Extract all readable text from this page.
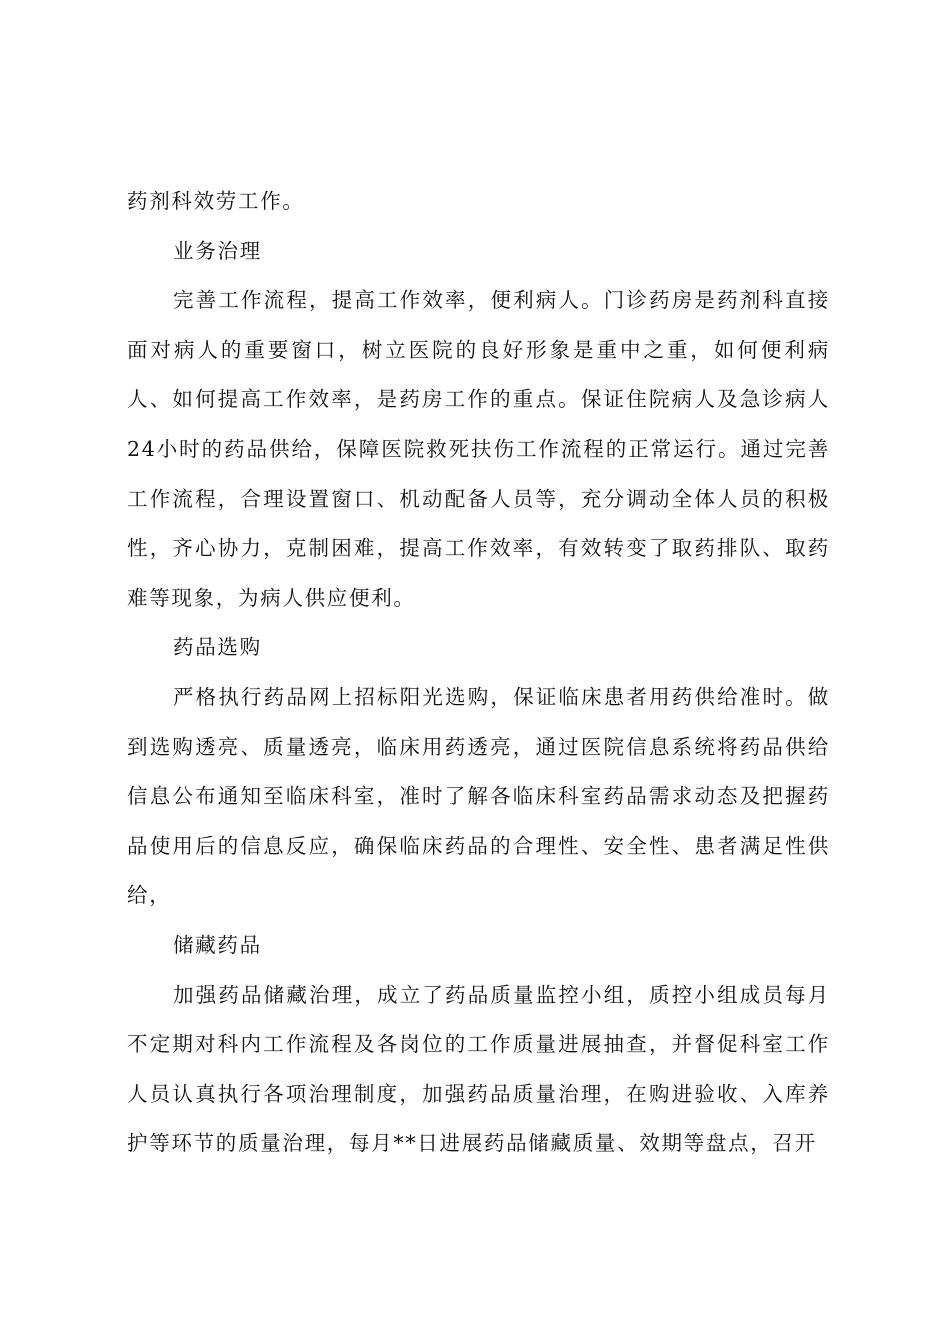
药剂科效劳工作。

业务治理

完善工作流程，提高工作效率，便利病人。门诊药房是药剂科直接面对病人的重要窗口，树立医院的良好形象是重中之重，如何便利病人、如何提高工作效率，是药房工作的重点。保证住院病人及急诊病人24小时的药品供给，保障医院救死扶伤工作流程的正常运行。通过完善工作流程，合理设置窗口、机动配备人员等，充分调动全体人员的积极性，齐心协力，克制困难，提高工作效率，有效转变了取药排队、取药难等现象，为病人供应便利。

药品选购

严格执行药品网上招标阳光选购，保证临床患者用药供给准时。做到选购透亮、质量透亮，临床用药透亮，通过医院信息系统将药品供给信息公布通知至临床科室，准时了解各临床科室药品需求动态及把握药品使用后的信息反应，确保临床药品的合理性、安全性、患者满足性供给，

储藏药品

加强药品储藏治理，成立了药品质量监控小组，质控小组成员每月不定期对科内工作流程及各岗位的工作质量进展抽查，并督促科室工作人员认真执行各项治理制度，加强药品质量治理，在购进验收、入库养护等环节的质量治理，每月**日进展药品储藏质量、效期等盘点，召开
